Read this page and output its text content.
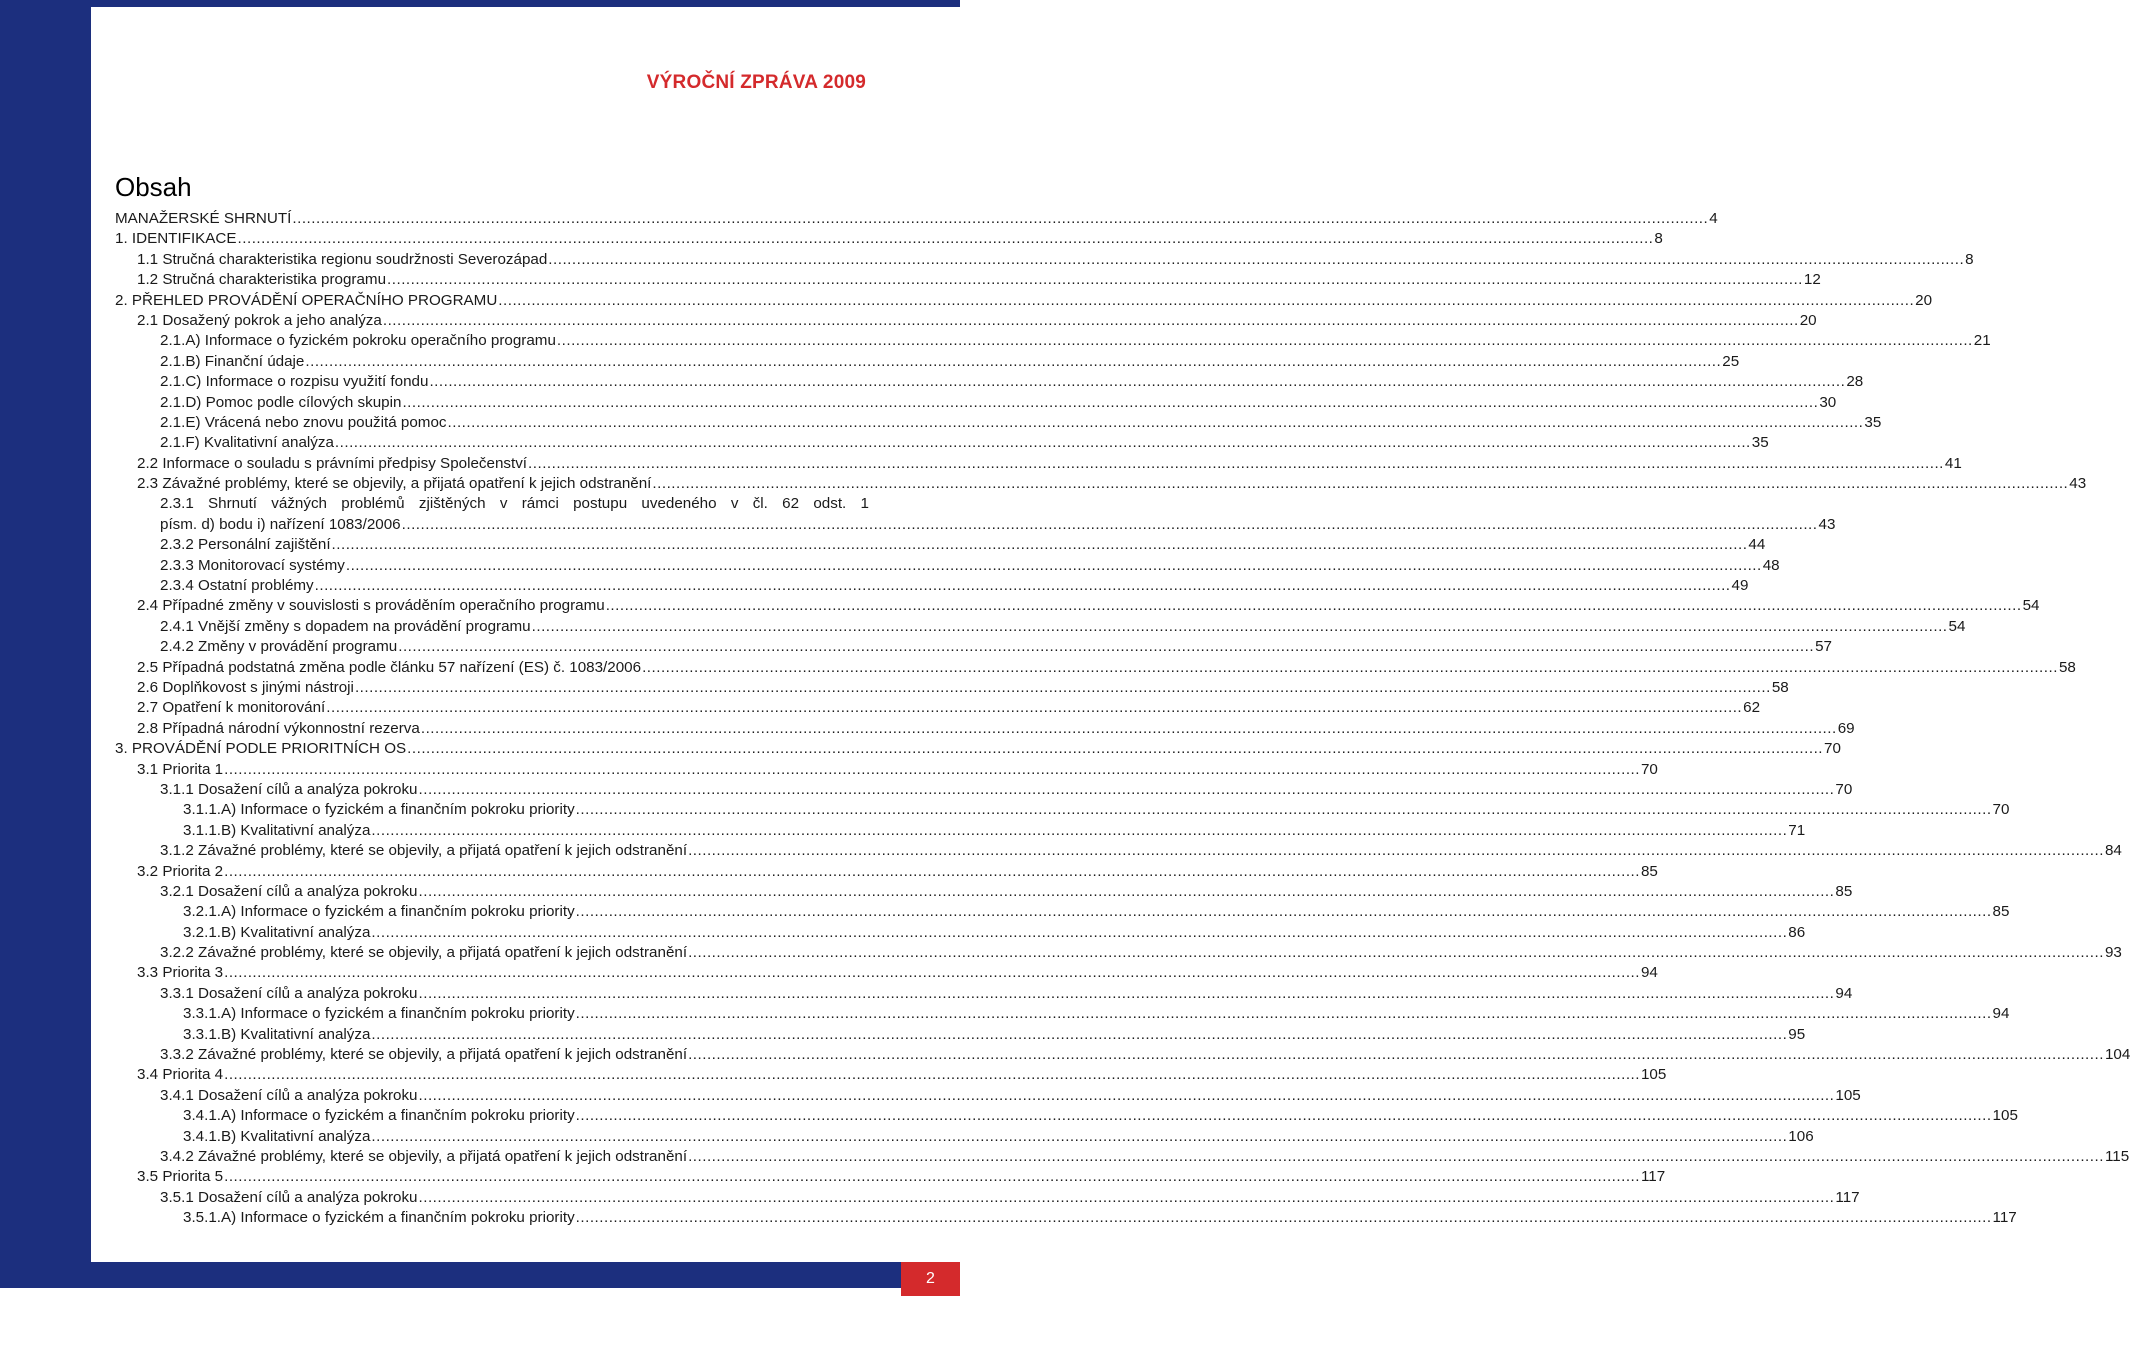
VÝROČNÍ ZPRÁVA 2009
Obsah
MANAŽERSKÉ SHRNUTÍ ............................................................................................................................................................................................................................................................................................................ 4
1. IDENTIFIKACE ............................................................................................................................................................................................................................................................................................................ 8
1.1 Stručná charakteristika regionu soudržnosti Severozápad ............................................................................................................................................................................................................................................................................................................ 8
1.2 Stručná charakteristika programu ............................................................................................................................................................................................................................................................................................................ 12
2. PŘEHLED PROVÁDĚNÍ OPERAČNÍHO PROGRAMU ............................................................................................................................................................................................................................................................................................................ 20
2.1 Dosažený pokrok a jeho analýza ............................................................................................................................................................................................................................................................................................................ 20
2.1.A) Informace o fyzickém pokroku operačního programu ............................................................................................................................................................................................................................................................................................................ 21
2.1.B) Finanční údaje ............................................................................................................................................................................................................................................................................................................ 25
2.1.C) Informace o rozpisu využití fondu ............................................................................................................................................................................................................................................................................................................ 28
2.1.D) Pomoc podle cílových skupin ............................................................................................................................................................................................................................................................................................................ 30
2.1.E) Vrácená nebo znovu použitá pomoc ............................................................................................................................................................................................................................................................................................................ 35
2.1.F) Kvalitativní analýza ............................................................................................................................................................................................................................................................................................................ 35
2.2 Informace o souladu s právními předpisy Společenství ............................................................................................................................................................................................................................................................................................................ 41
2.3 Závažné problémy, které se objevily, a přijatá opatření k jejich odstranění ............................................................................................................................................................................................................................................................................................................ 43
2.3.1 Shrnutí vážných problémů zjištěných v rámci postupu uvedeného v čl. 62 odst. 1
písm. d) bodu i) nařízení 1083/2006 ............................................................................................................................................................................................................................................................................................................ 43
2.3.2 Personální zajištění ............................................................................................................................................................................................................................................................................................................ 44
2.3.3 Monitorovací systémy ............................................................................................................................................................................................................................................................................................................ 48
2.3.4 Ostatní problémy ............................................................................................................................................................................................................................................................................................................ 49
2.4 Případné změny v souvislosti s prováděním operačního programu ............................................................................................................................................................................................................................................................................................................ 54
2.4.1 Vnější změny s dopadem na provádění programu ............................................................................................................................................................................................................................................................................................................ 54
2.4.2 Změny v provádění programu ............................................................................................................................................................................................................................................................................................................ 57
2.5 Případná podstatná změna podle článku 57 nařízení (ES) č. 1083/2006 ............................................................................................................................................................................................................................................................................................................ 58
2.6 Doplňkovost s jinými nástroji ............................................................................................................................................................................................................................................................................................................ 58
2.7 Opatření k monitorování ............................................................................................................................................................................................................................................................................................................ 62
2.8 Případná národní výkonnostní rezerva ............................................................................................................................................................................................................................................................................................................ 69
3. PROVÁDĚNÍ PODLE PRIORITNÍCH OS ............................................................................................................................................................................................................................................................................................................ 70
3.1 Priorita 1 ............................................................................................................................................................................................................................................................................................................ 70
3.1.1 Dosažení cílů a analýza pokroku ............................................................................................................................................................................................................................................................................................................ 70
3.1.1.A) Informace o fyzickém a finančním pokroku priority ............................................................................................................................................................................................................................................................................................................ 70
3.1.1.B) Kvalitativní analýza ............................................................................................................................................................................................................................................................................................................ 71
3.1.2 Závažné problémy, které se objevily, a přijatá opatření k jejich odstranění ............................................................................................................................................................................................................................................................................................................ 84
3.2 Priorita 2 ............................................................................................................................................................................................................................................................................................................ 85
3.2.1 Dosažení cílů a analýza pokroku ............................................................................................................................................................................................................................................................................................................ 85
3.2.1.A) Informace o fyzickém a finančním pokroku priority ............................................................................................................................................................................................................................................................................................................ 85
3.2.1.B) Kvalitativní analýza ............................................................................................................................................................................................................................................................................................................ 86
3.2.2 Závažné problémy, které se objevily, a přijatá opatření k jejich odstranění ............................................................................................................................................................................................................................................................................................................ 93
3.3 Priorita 3 ............................................................................................................................................................................................................................................................................................................ 94
3.3.1 Dosažení cílů a analýza pokroku ............................................................................................................................................................................................................................................................................................................ 94
3.3.1.A) Informace o fyzickém a finančním pokroku priority ............................................................................................................................................................................................................................................................................................................ 94
3.3.1.B) Kvalitativní analýza ............................................................................................................................................................................................................................................................................................................ 95
3.3.2 Závažné problémy, které se objevily, a přijatá opatření k jejich odstranění ............................................................................................................................................................................................................................................................................................................ 104
3.4 Priorita 4 ............................................................................................................................................................................................................................................................................................................ 105
3.4.1 Dosažení cílů a analýza pokroku ............................................................................................................................................................................................................................................................................................................ 105
3.4.1.A) Informace o fyzickém a finančním pokroku priority ............................................................................................................................................................................................................................................................................................................ 105
3.4.1.B) Kvalitativní analýza ............................................................................................................................................................................................................................................................................................................ 106
3.4.2 Závažné problémy, které se objevily, a přijatá opatření k jejich odstranění ............................................................................................................................................................................................................................................................................................................ 115
3.5 Priorita 5 ............................................................................................................................................................................................................................................................................................................ 117
3.5.1 Dosažení cílů a analýza pokroku ............................................................................................................................................................................................................................................................................................................ 117
3.5.1.A) Informace o fyzickém a finančním pokroku priority ............................................................................................................................................................................................................................................................................................................ 117
2
